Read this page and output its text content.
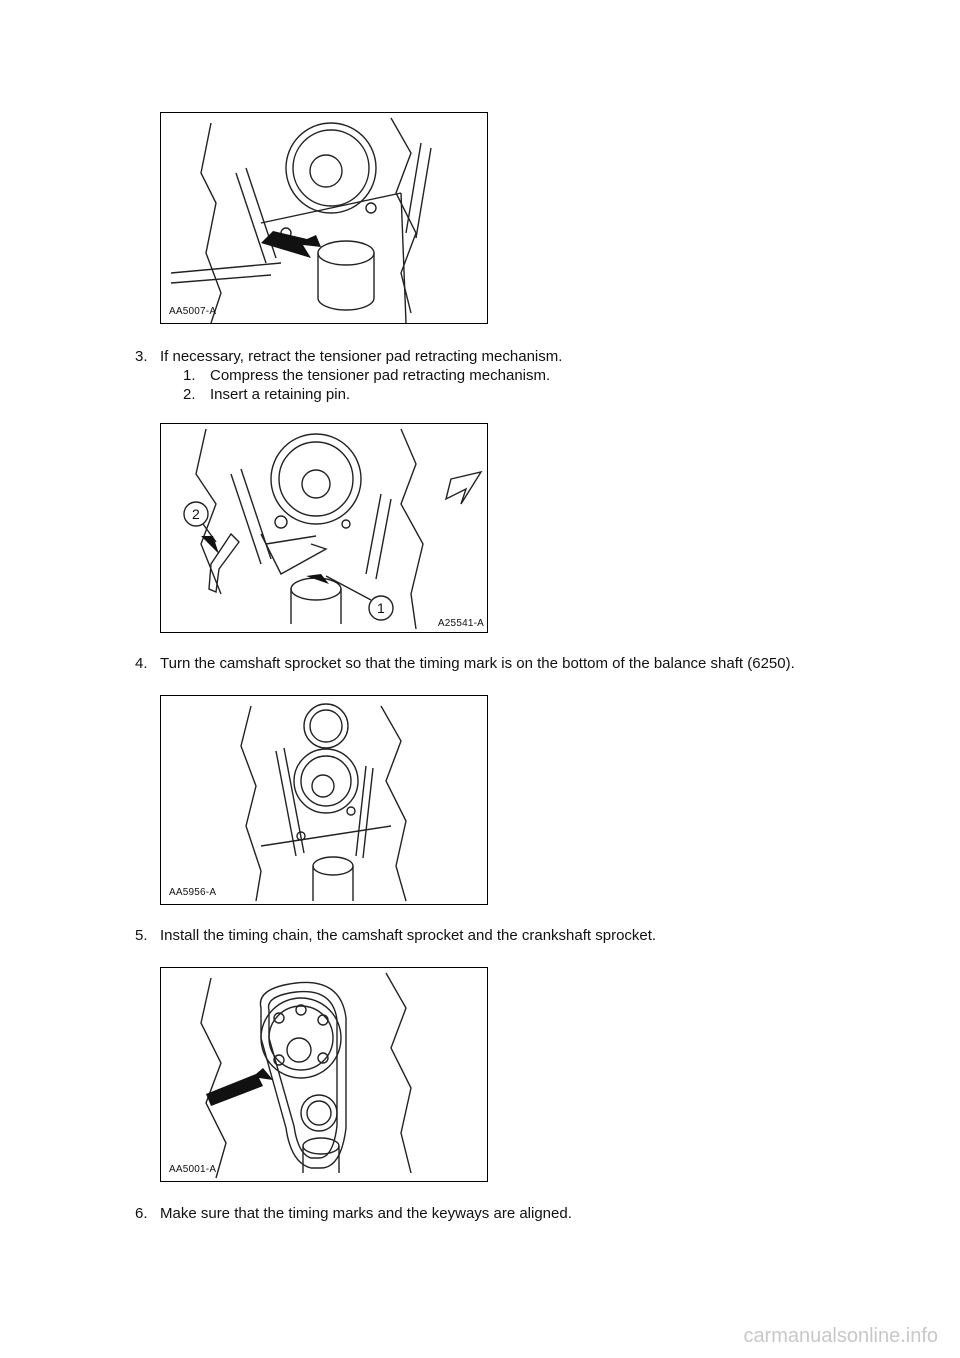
AA5007-A
3. If necessary, retract the tensioner pad retracting mechanism.
1. Compress the tensioner pad retracting mechanism.
2. Insert a retaining pin.
2
1
A25541-A
4. Turn the camshaft sprocket so that the timing mark is on the bottom of the balance shaft (6250).
AA5956-A
5. Install the timing chain, the camshaft sprocket and the crankshaft sprocket.
AA5001-A
6. Make sure that the timing marks and the keyways are aligned.
carmanualsonline.info
